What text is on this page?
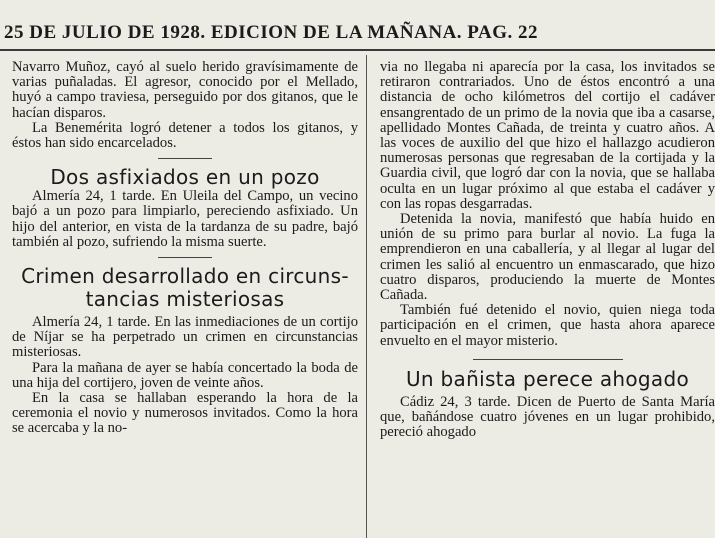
25 DE JULIO DE 1928. EDICION DE LA MAÑANA. PAG. 22

Navarro Muñoz, cayó al suelo herido gravísimamente de varias puñaladas. El agresor, conocido por el Mellado, huyó a campo traviesa, perseguido por dos gitanos, que le hacían disparos.

La Benemérita logró detener a todos los gitanos, y éstos han sido encarcelados.

Dos asfixiados en un pozo

Almería 24, 1 tarde. En Uleila del Campo, un vecino bajó a un pozo para limpiarlo, pereciendo asfixiado. Un hijo del anterior, en vista de la tardanza de su padre, bajó también al pozo, sufriendo la misma suerte.

Crimen desarrollado en circuns-
tancias misteriosas

Almería 24, 1 tarde. En las inmediaciones de un cortijo de Níjar se ha perpetrado un crimen en circunstancias misteriosas.

Para la mañana de ayer se había concertado la boda de una hija del cortijero, joven de veinte años.

En la casa se hallaban esperando la hora de la ceremonia el novio y numerosos invitados. Como la hora se acercaba y la no-

via no llegaba ni aparecía por la casa, los invitados se retiraron contrariados. Uno de éstos encontró a una distancia de ocho kilómetros del cortijo el cadáver ensangrentado de un primo de la novia que iba a casarse, apellidado Montes Cañada, de treinta y cuatro años. A las voces de auxilio del que hizo el hallazgo acudieron numerosas personas que regresaban de la cortijada y la Guardia civil, que logró dar con la novia, que se hallaba oculta en un lugar próximo al que estaba el cadáver y con las ropas desgarradas.

Detenida la novia, manifestó que había huido en unión de su primo para burlar al novio. La fuga la emprendieron en una caballería, y al llegar al lugar del crimen les salió al encuentro un enmascarado, que hizo cuatro disparos, produciendo la muerte de Montes Cañada.

También fué detenido el novio, quien niega toda participación en el crimen, que hasta ahora aparece envuelto en el mayor misterio.

Un bañista perece ahogado

Cádiz 24, 3 tarde. Dicen de Puerto de Santa María que, bañándose cuatro jóvenes en un lugar prohibido, pereció ahogado
